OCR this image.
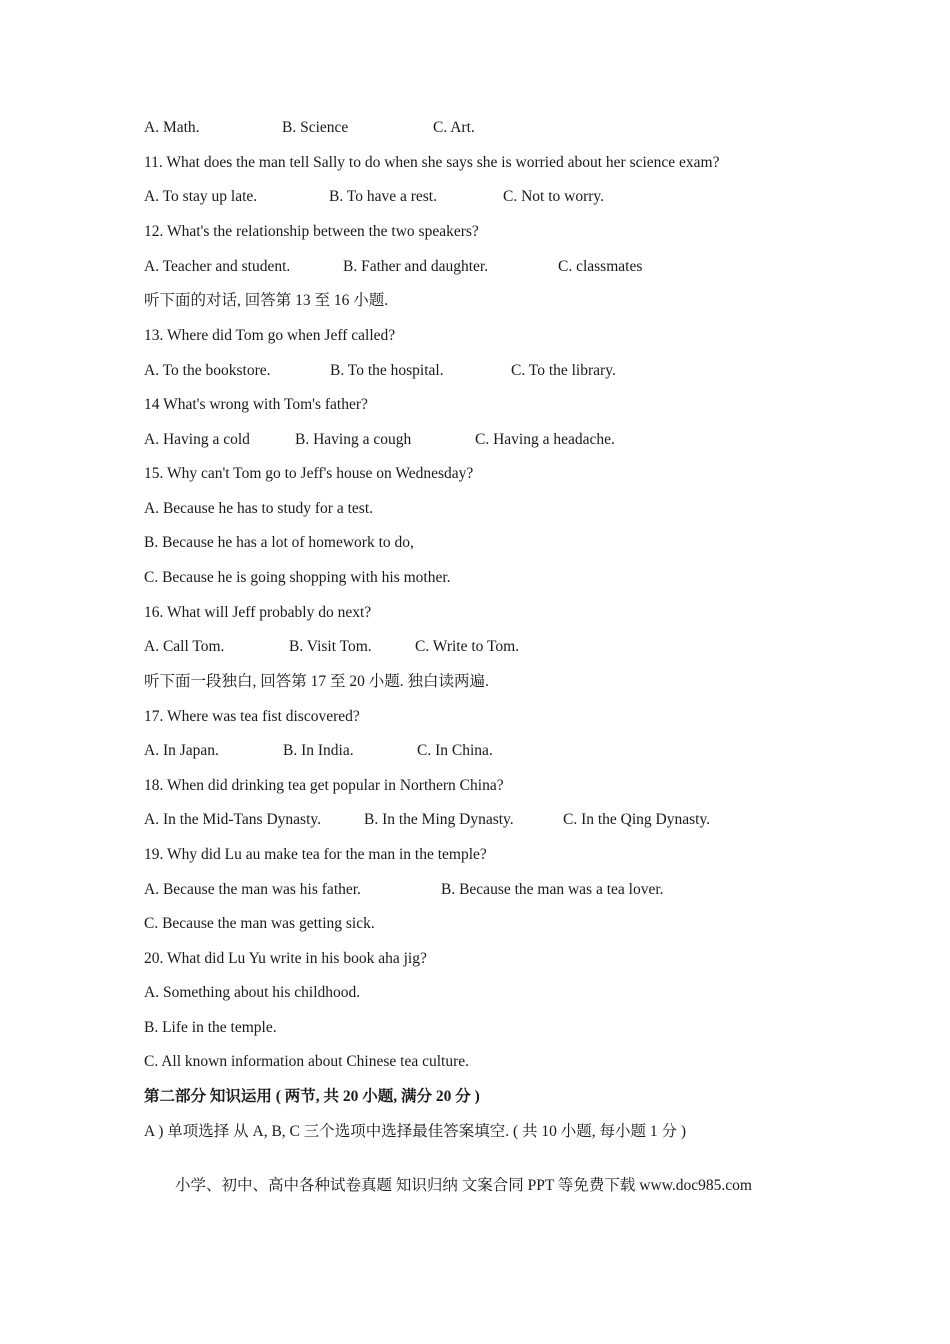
A. Math.	B. Science	C. Art.
11. What does the man tell Sally to do when she says she is worried about her science exam?
A. To stay up late.	B. To have a rest.	C. Not to worry.
12. What's the relationship between the two speakers?
A. Teacher and student.	B. Father and daughter.	C. classmates
听下面的对话, 回答第 13 至 16 小题.
13. Where did Tom go when Jeff called?
A. To the bookstore.	B. To the hospital.	C. To the library.
14 What's wrong with Tom's father?
A. Having a cold	B. Having a cough	C. Having a headache.
15. Why can't Tom go to Jeff's house on Wednesday?
A. Because he has to study for a test.
B. Because he has a lot of homework to do,
C. Because he is going shopping with his mother.
16. What will Jeff probably do next?
A. Call Tom.	B. Visit Tom.	C. Write to Tom.
听下面一段独白, 回答第 17 至 20 小题. 独白读两遍.
17. Where was tea fist discovered?
A. In Japan.	B. In India.	C. In China.
18. When did drinking tea get popular in Northern China?
A. In the Mid-Tans Dynasty.	B. In the Ming Dynasty.	C. In the Qing Dynasty.
19. Why did Lu au make tea for the man in the temple?
A. Because the man was his father.	B. Because the man was a tea lover.
C. Because the man was getting sick.
20. What did Lu Yu write in his book aha jig?
A. Something about his childhood.
B. Life in the temple.
C. All known information about Chinese tea culture.
第二部分 知识运用 ( 两节, 共 20 小题, 满分 20 分 )
A ) 单项选择 从 A, B, C 三个选项中选择最佳答案填空. ( 共 10 小题, 每小题 1 分 )
小学、初中、高中各种试卷真题 知识归纳 文案合同 PPT 等免费下载 www.doc985.com
